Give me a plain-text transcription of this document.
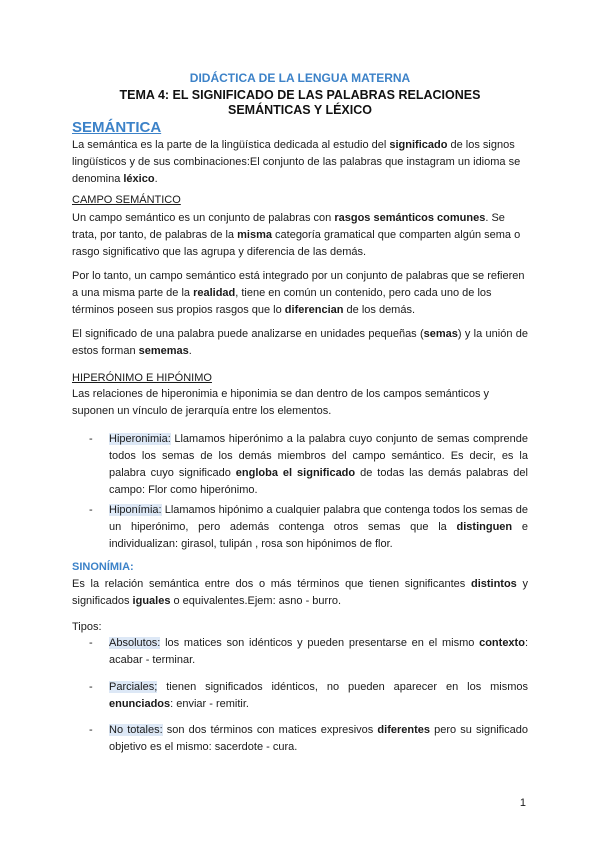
DIDÁCTICA DE LA LENGUA MATERNA
TEMA 4: EL SIGNIFICADO DE LAS PALABRAS RELACIONES
SEMÁNTICAS Y LÉXICO
SEMÁNTICA

La semántica es la parte de la lingüística dedicada al estudio del significado de los signos lingüísticos y de sus combinaciones:El conjunto de las palabras que instagram un idioma se denomina léxico.

CAMPO SEMÁNTICO

Un campo semántico es un conjunto de palabras con rasgos semánticos comunes. Se trata, por tanto, de palabras de la misma categoría gramatical que comparten algún sema o rasgo significativo que las agrupa y diferencia de las demás.

Por lo tanto, un campo semántico está integrado por un conjunto de palabras que se refieren a una misma parte de la realidad, tiene en común un contenido, pero cada uno de los términos poseen sus propios rasgos que lo diferencian de los demás.

El significado de una palabra puede analizarse en unidades pequeñas (semas) y la unión de estos forman sememas.

HIPERÓNIMO E HIPÓNIMO

Las relaciones de hiperonimia e hiponimia se dan dentro de los campos semánticos y suponen un vínculo de jerarquía entre los elementos.

-	Hiperonimia: Llamamos hiperónimo a la palabra cuyo conjunto de semas comprende todos los semas de los demás miembros del campo semántico. Es decir, es la palabra cuyo significado engloba el significado de todas las demás palabras del campo: Flor como hiperónimo.
-	Hiponímia: Llamamos hipónimo a cualquier palabra que contenga todos los semas de un hiperónimo, pero además contenga otros semas que la distinguen e individualizan: girasol, tulipán , rosa son hipónimos de flor.
SINONÍMIA:

Es la relación semántica entre dos o más términos que tienen significantes distintos y significados iguales o equivalentes.Ejem: asno - burro.

Tipos:
-	Absolutos: los matices son idénticos y pueden presentarse en el mismo contexto: acabar - terminar.
-	Parciales; tienen significados idénticos, no pueden aparecer en los mismos enunciados: enviar - remitir.
-	No totales: son dos términos con matices expresivos diferentes pero su significado objetivo es el mismo: sacerdote - cura.
1
